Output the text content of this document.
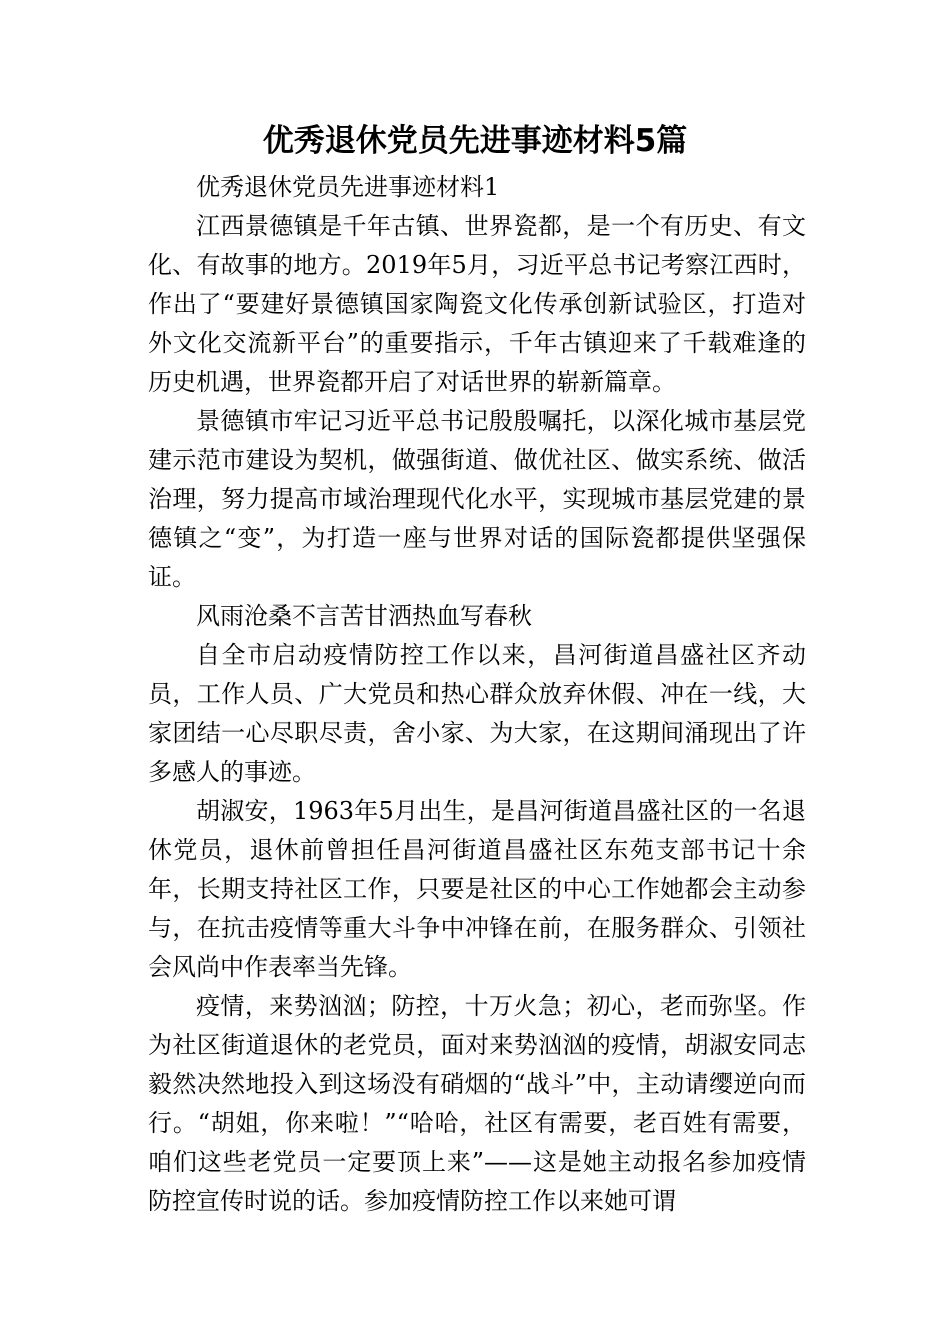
优秀退休党员先进事迹材料5篇

优秀退休党员先进事迹材料1

江西景德镇是千年古镇、世界瓷都，是一个有历史、有文化、有故事的地方。2019年5月，习近平总书记考察江西时，作出了“要建好景德镇国家陶瓷文化传承创新试验区，打造对外文化交流新平台”的重要指示，千年古镇迎来了千载难逢的历史机遇，世界瓷都开启了对话世界的崭新篇章。

景德镇市牢记习近平总书记殷殷嘱托，以深化城市基层党建示范市建设为契机，做强街道、做优社区、做实系统、做活治理，努力提高市域治理现代化水平，实现城市基层党建的景德镇之“变”，为打造一座与世界对话的国际瓷都提供坚强保证。

风雨沧桑不言苦甘洒热血写春秋

自全市启动疫情防控工作以来，昌河街道昌盛社区齐动员，工作人员、广大党员和热心群众放弃休假、冲在一线，大家团结一心尽职尽责，舍小家、为大家，在这期间涌现出了许多感人的事迹。

胡淑安，1963年5月出生，是昌河街道昌盛社区的一名退休党员，退休前曾担任昌河街道昌盛社区东苑支部书记十余年，长期支持社区工作，只要是社区的中心工作她都会主动参与，在抗击疫情等重大斗争中冲锋在前，在服务群众、引领社会风尚中作表率当先锋。

疫情，来势汹汹；防控，十万火急；初心，老而弥坚。作为社区街道退休的老党员，面对来势汹汹的疫情，胡淑安同志毅然决然地投入到这场没有硝烟的“战斗”中，主动请缨逆向而行。“胡姐，你来啦！”“哈哈，社区有需要，老百姓有需要，咱们这些老党员一定要顶上来”——这是她主动报名参加疫情防控宣传时说的话。参加疫情防控工作以来她可谓
